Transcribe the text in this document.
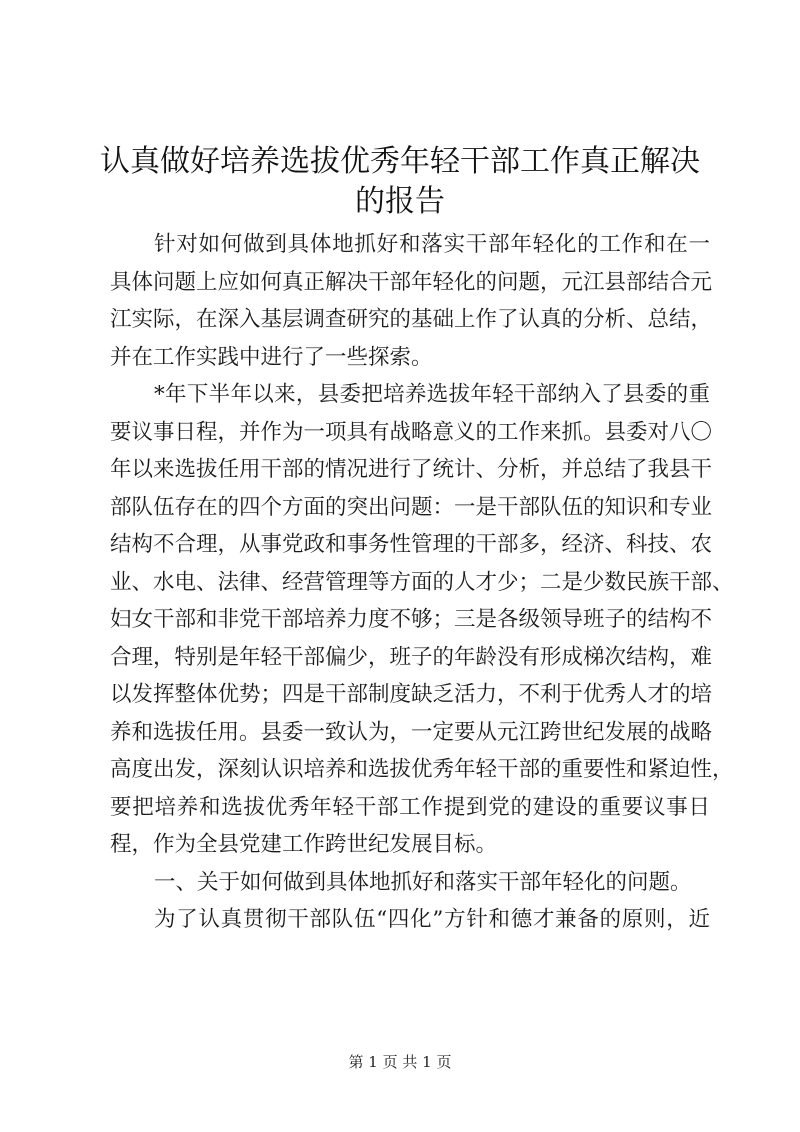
认真做好培养选拔优秀年轻干部工作真正解决
的报告
针对如何做到具体地抓好和落实干部年轻化的工作和在一
具体问题上应如何真正解决干部年轻化的问题，元江县部结合元
江实际，在深入基层调查研究的基础上作了认真的分析、总结，
并在工作实践中进行了一些探索。
*年下半年以来，县委把培养选拔年轻干部纳入了县委的重
要议事日程，并作为一项具有战略意义的工作来抓。县委对八〇
年以来选拔任用干部的情况进行了统计、分析，并总结了我县干
部队伍存在的四个方面的突出问题：一是干部队伍的知识和专业
结构不合理，从事党政和事务性管理的干部多，经济、科技、农
业、水电、法律、经营管理等方面的人才少；二是少数民族干部、
妇女干部和非党干部培养力度不够；三是各级领导班子的结构不
合理，特别是年轻干部偏少，班子的年龄没有形成梯次结构，难
以发挥整体优势；四是干部制度缺乏活力，不利于优秀人才的培
养和选拔任用。县委一致认为，一定要从元江跨世纪发展的战略
高度出发，深刻认识培养和选拔优秀年轻干部的重要性和紧迫性，
要把培养和选拔优秀年轻干部工作提到党的建设的重要议事日
程，作为全县党建工作跨世纪发展目标。
一、关于如何做到具体地抓好和落实干部年轻化的问题。
为了认真贯彻干部队伍“四化”方针和德才兼备的原则，近
第 1 页 共 1 页
